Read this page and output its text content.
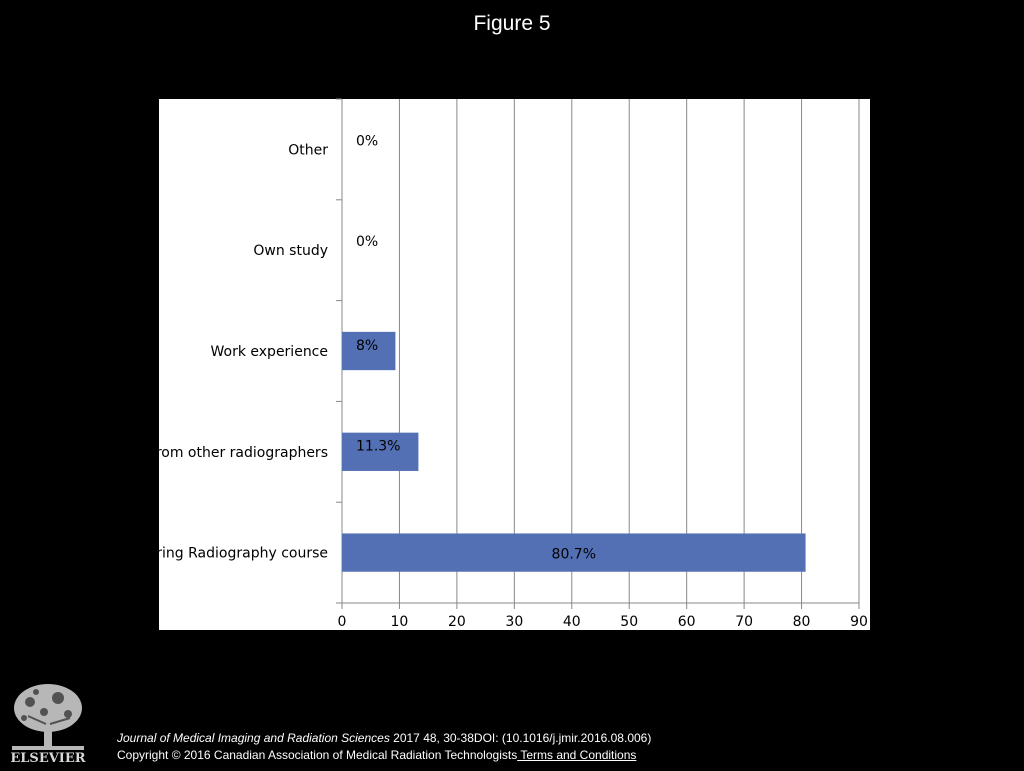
Figure 5
0	10	20	30	40	50	60	70	80	90
During Radiography course	80.7%
From other radiographers 11.3%
Work experience 8%
Own study
0%
Other
0%
ELSEVIER
Journal of Medical Imaging and Radiation Sciences 2017 48, 30-38DOI: (10.1016/j.jmir.2016.08.006)
Copyright © 2016 Canadian Association of Medical Radiation Technologists Terms and Conditions
